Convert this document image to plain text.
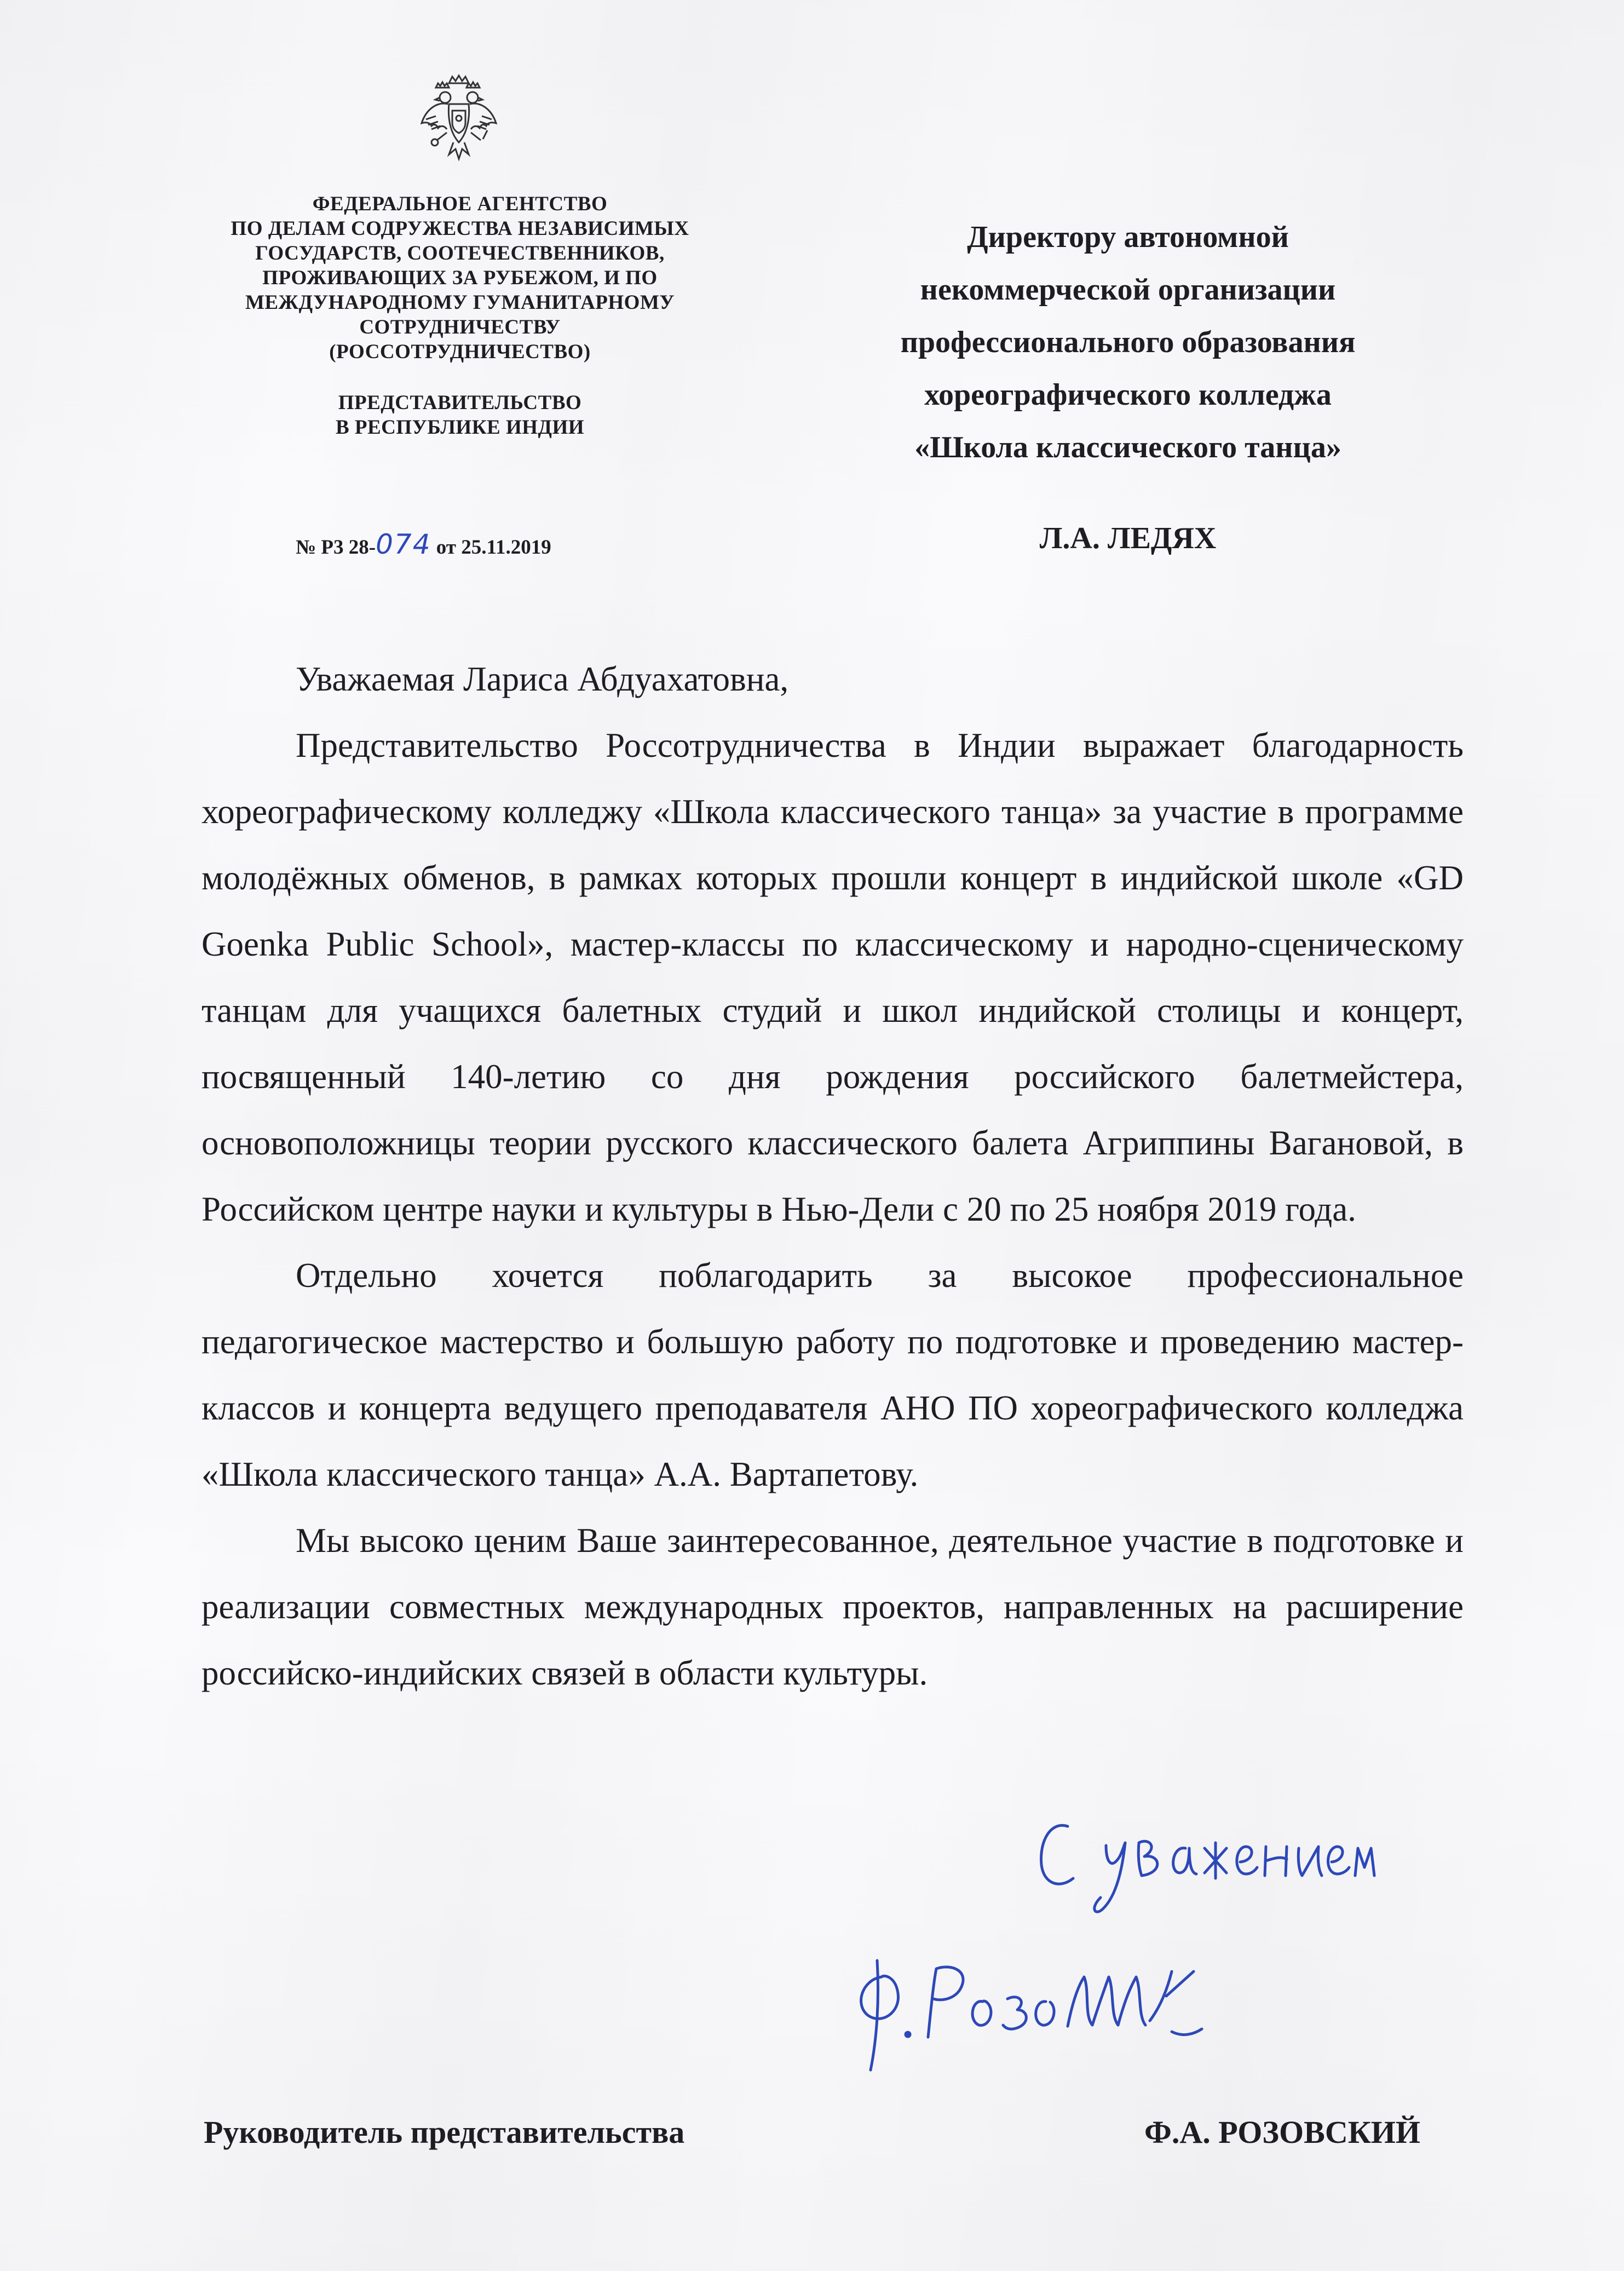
ФЕДЕРАЛЬНОЕ АГЕНТСТВО
ПО ДЕЛАМ СОДРУЖЕСТВА НЕЗАВИСИМЫХ
ГОСУДАРСТВ, СООТЕЧЕСТВЕННИКОВ,
ПРОЖИВАЮЩИХ ЗА РУБЕЖОМ, И ПО
МЕЖДУНАРОДНОМУ ГУМАНИТАРНОМУ
СОТРУДНИЧЕСТВУ
(РОССОТРУДНИЧЕСТВО)
ПРЕДСТАВИТЕЛЬСТВО
В РЕСПУБЛИКЕ ИНДИИ
№ Р3 28-074 от 25.11.2019
Директору автономной
некоммерческой организации
профессионального образования
хореографического колледжа
«Школа классического танца»
Л.А. ЛЕДЯХ

Уважаемая Лариса Абдуахатовна,

Представительство Россотрудничества в Индии выражает благодарность хореографическому колледжу «Школа классического танца» за участие в программе молодёжных обменов, в рамках которых прошли концерт в индийской школе «GD Goenka Public School», мастер-классы по классическому и народно-сценическому танцам для учащихся балетных студий и школ индийской столицы и концерт, посвященный 140-летию со дня рождения российского балетмейстера, основоположницы теории русского классического балета Агриппины Вагановой, в Российском центре науки и культуры в Нью-Дели с 20 по 25 ноября 2019 года.

Отдельно хочется поблагодарить за высокое профессиональное педагогическое мастерство и большую работу по подготовке и проведению мастер-классов и концерта ведущего преподавателя АНО ПО хореографического колледжа «Школа классического танца» А.А. Вартапетову.

Мы высоко ценим Ваше заинтересованное, деятельное участие в подготовке и реализации совместных международных проектов, направленных на расширение российско-индийских связей в области культуры.

Руководитель представительства	Ф.А. РОЗОВСКИЙ
